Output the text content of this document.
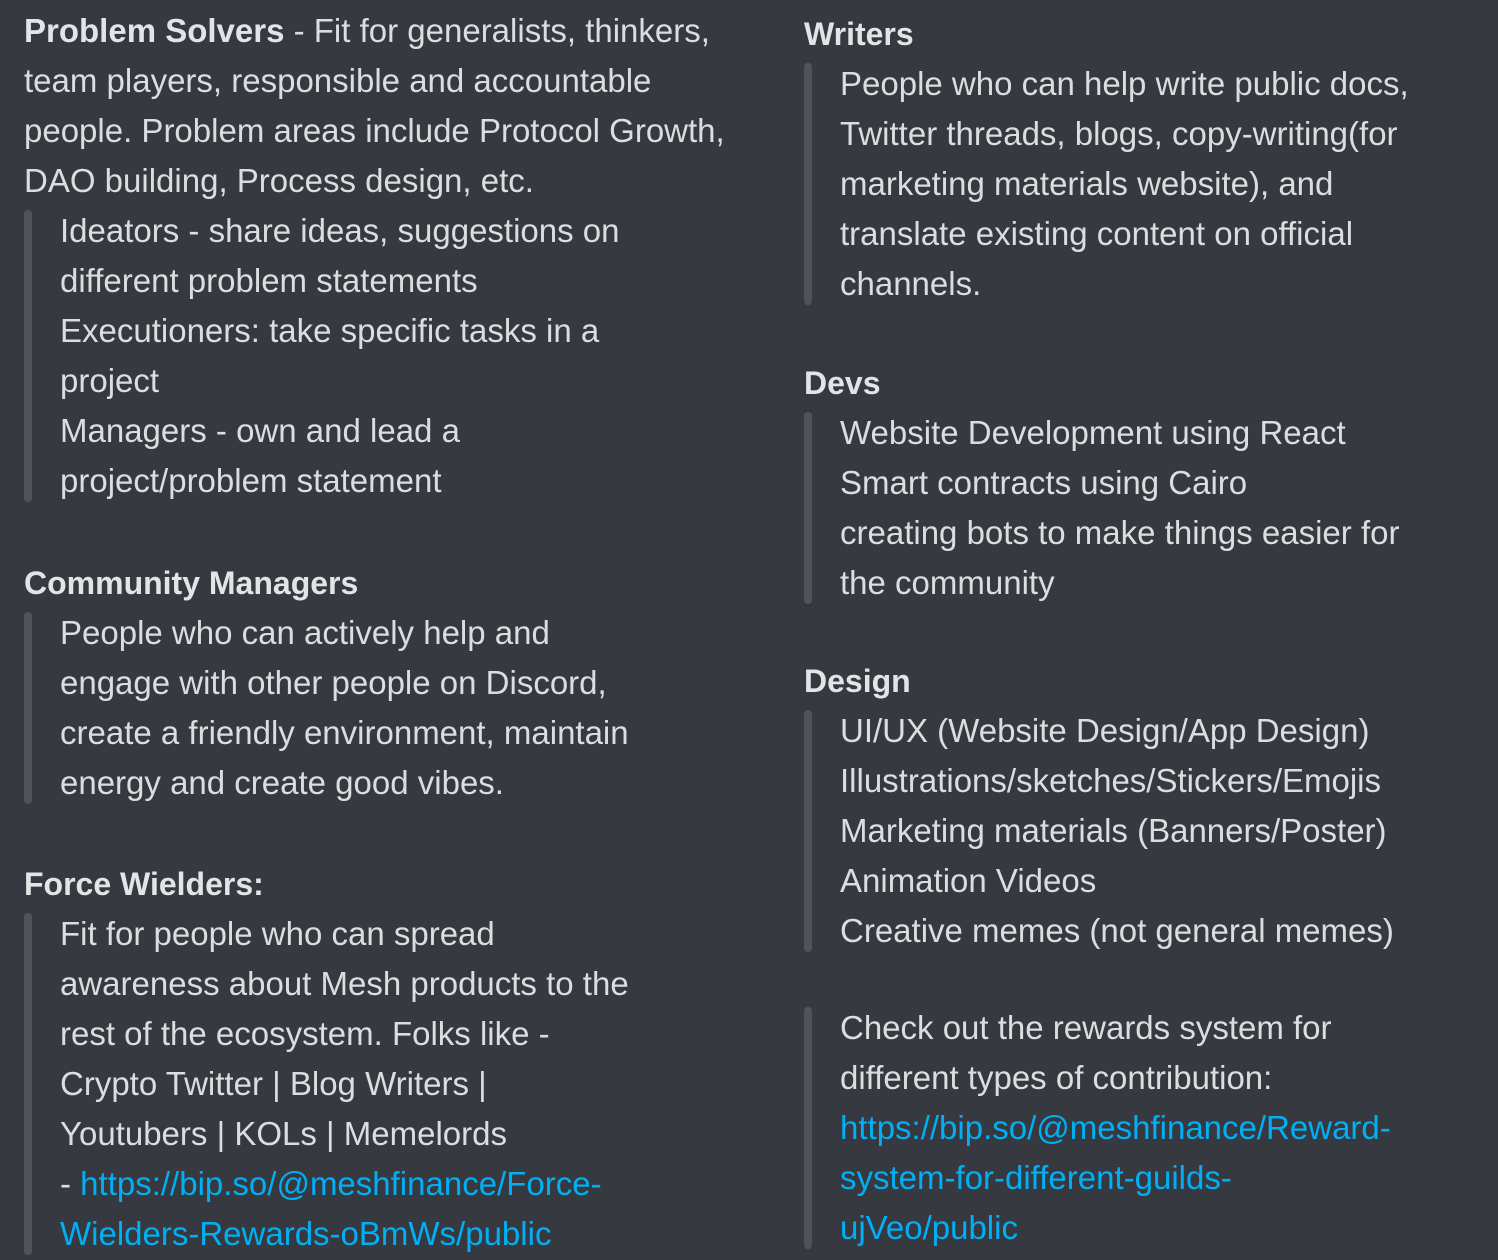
Problem Solvers - Fit for generalists, thinkers,
team players, responsible and accountable
people. Problem areas include Protocol Growth,
DAO building, Process design, etc.

Ideators - share ideas, suggestions on
different problem statements
Executioners: take specific tasks in a
project
Managers - own and lead a
project/problem statement
Community Managers
People who can actively help and
engage with other people on Discord,
create a friendly environment, maintain
energy and create good vibes.
Force Wielders:
Fit for people who can spread
awareness about Mesh products to the
rest of the ecosystem. Folks like -
Crypto Twitter | Blog Writers |
Youtubers | KOLs | Memelords
- https://bip.so/@meshfinance/Force-
Wielders-Rewards-oBmWs/public
Writers
People who can help write public docs,
Twitter threads, blogs, copy-writing(for
marketing materials website), and
translate existing content on official
channels.
Devs
Website Development using React
Smart contracts using Cairo
creating bots to make things easier for
the community
Design
UI/UX (Website Design/App Design)
Illustrations/sketches/Stickers/Emojis
Marketing materials (Banners/Poster)
Animation Videos
Creative memes (not general memes)
Check out the rewards system for
different types of contribution:
https://bip.so/@meshfinance/Reward-
system-for-different-guilds-
ujVeo/public
